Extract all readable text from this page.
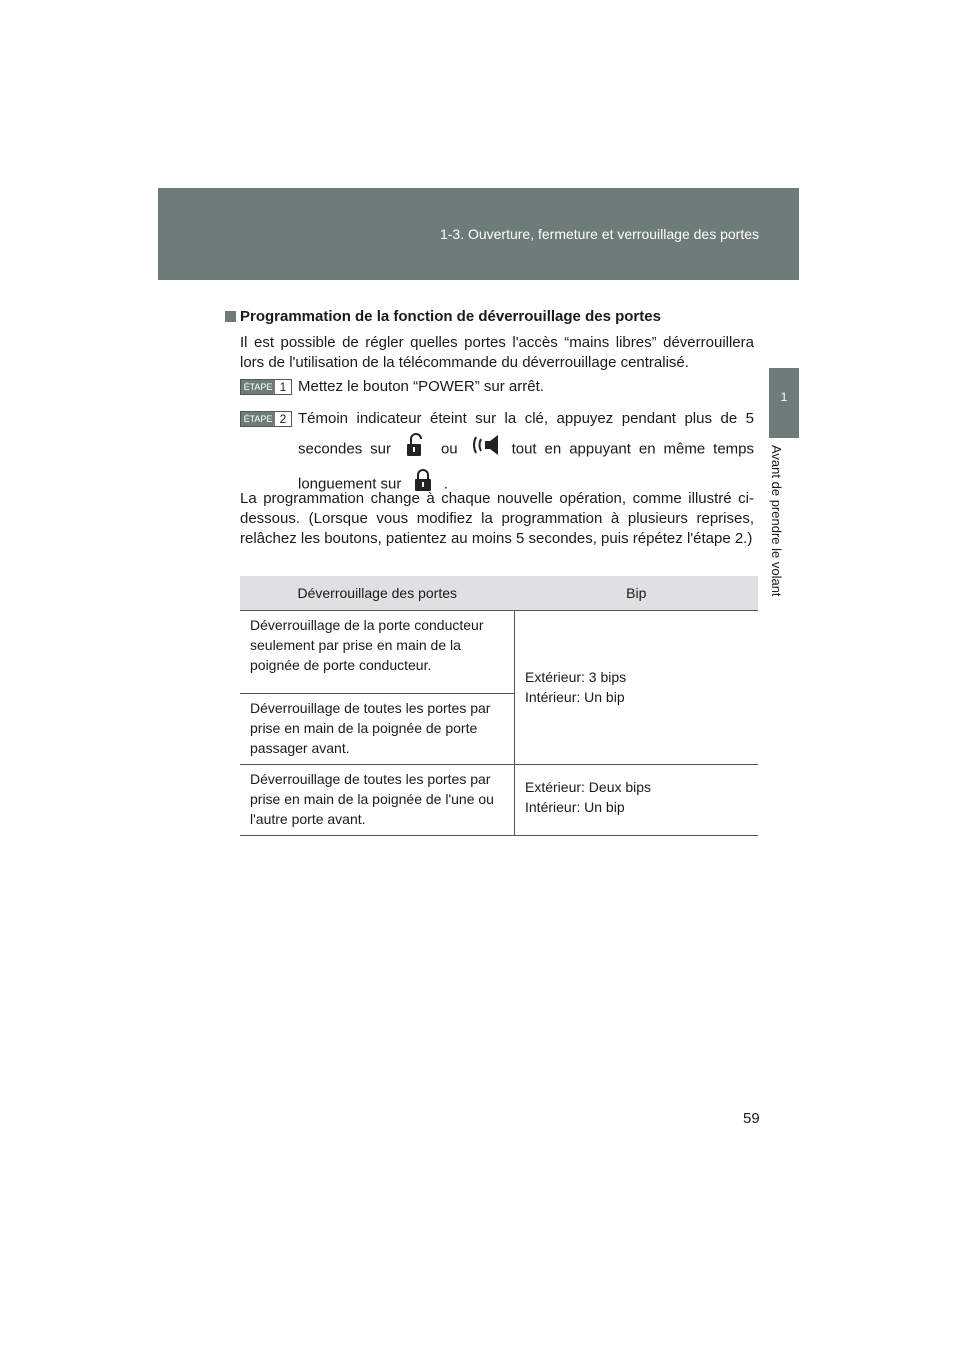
1-3. Ouverture, fermeture et verrouillage des portes
1
Avant de prendre le volant
Programmation de la fonction de déverrouillage des portes
Il est possible de régler quelles portes l'accès “mains libres” déverrouillera lors de l'utilisation de la télécommande du déverrouillage centralisé.
ÉTAPE 1 Mettez le bouton “POWER” sur arrêt.
ÉTAPE 2 Témoin indicateur éteint sur la clé, appuyez pendant plus de 5 secondes sur	ou	tout en appuyant en même temps longuement sur	.
La programmation change à chaque nouvelle opération, comme illustré ci-dessous. (Lorsque vous modifiez la programmation à plusieurs reprises, relâchez les boutons, patientez au moins 5 secondes, puis répétez l'étape 2.)
Déverrouillage des portes	Bip
Déverrouillage de la porte conducteur seulement par prise en main de la poignée de porte conducteur.	Extérieur: 3 bips
Intérieur: Un bip

Déverrouillage de toutes les portes par prise en main de la poignée de porte passager avant.	
Déverrouillage de toutes les portes par prise en main de la poignée de l'une ou l'autre porte avant.	Extérieur: Deux bips
Intérieur: Un bip
59
